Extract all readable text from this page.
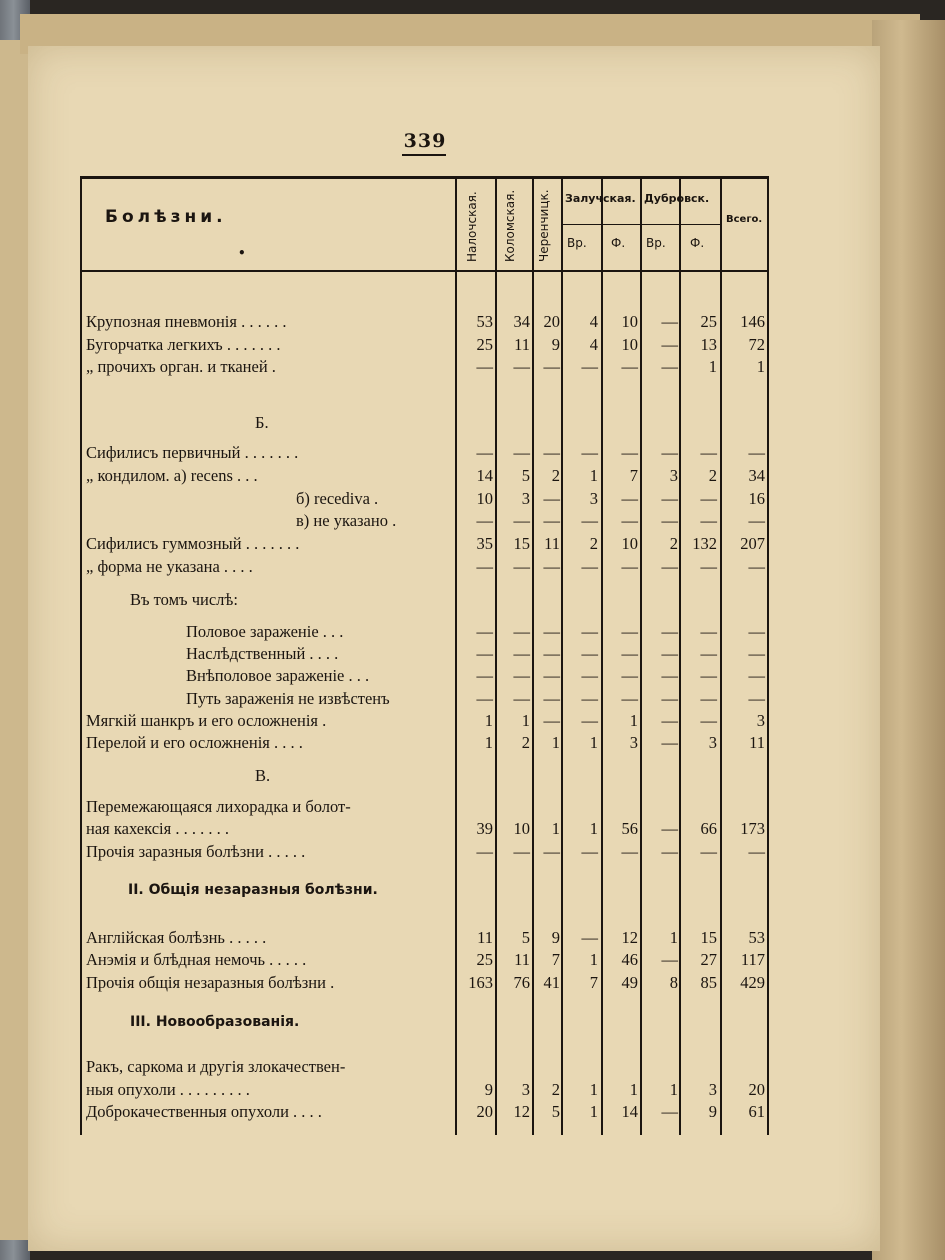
339
Болѣзни.
•	Налочская. Коломская. Черенчицк. Залучская.
Вр. Ф.
Дубровск.
Вр. Ф.
Всего.
Крупозная пневмонія . . . . . .	53 34 20 4 10 — 25 146
Бугорчатка легкихъ . . . . . . .	25 11 9 4 10 — 13 72
„ прочихъ орган. и тканей .	— — — — — — 1 1
Б.
Сифилисъ первичный . . . . . . .	— — — — — — — —
„ кондилом. а) recens . . .	14 5 2 1 7 3 2 34
б) recediva .	10 3 — 3 — — — 16
в) не указано .	— — — — — — — —
Сифилисъ гуммозный . . . . . . .	35 15 11 2 10 2 132 207
„ форма не указана . . . .	— — — — — — — —
Въ томъ числѣ:
Половое зараженіе . . .	— — — — — — — —
Наслѣдственный . . . .	— — — — — — — —
Внѣполовое зараженіе . . .	— — — — — — — —
Путь зараженія не извѣстенъ	— — — — — — — —
Мягкій шанкръ и его осложненія .	1 1 — — 1 — — 3
Перелой и его осложненія . . . .	1 2 1 1 3 — 3 11
В.
Перемежающаяся лихорадка и болот-
ная кахексія . . . . . . .	39 10 1 1 56 — 66 173
Прочія заразныя болѣзни . . . . .	— — — — — — — —
II. Общія незаразныя болѣзни.
Англійская болѣзнь . . . . .	11 5 9 — 12 1 15 53
Анэмія и блѣдная немочь . . . . .	25 11 7 1 46 — 27 117
Прочія общія незаразныя болѣзни .	163 76 41 7 49 8 85 429
III. Новообразованія.
Ракъ, саркома и другія злокачествен-
ныя опухоли . . . . . . . . .	9 3 2 1 1 1 3 20
Доброкачественныя опухоли . . . .	20 12 5 1 14 — 9 61
